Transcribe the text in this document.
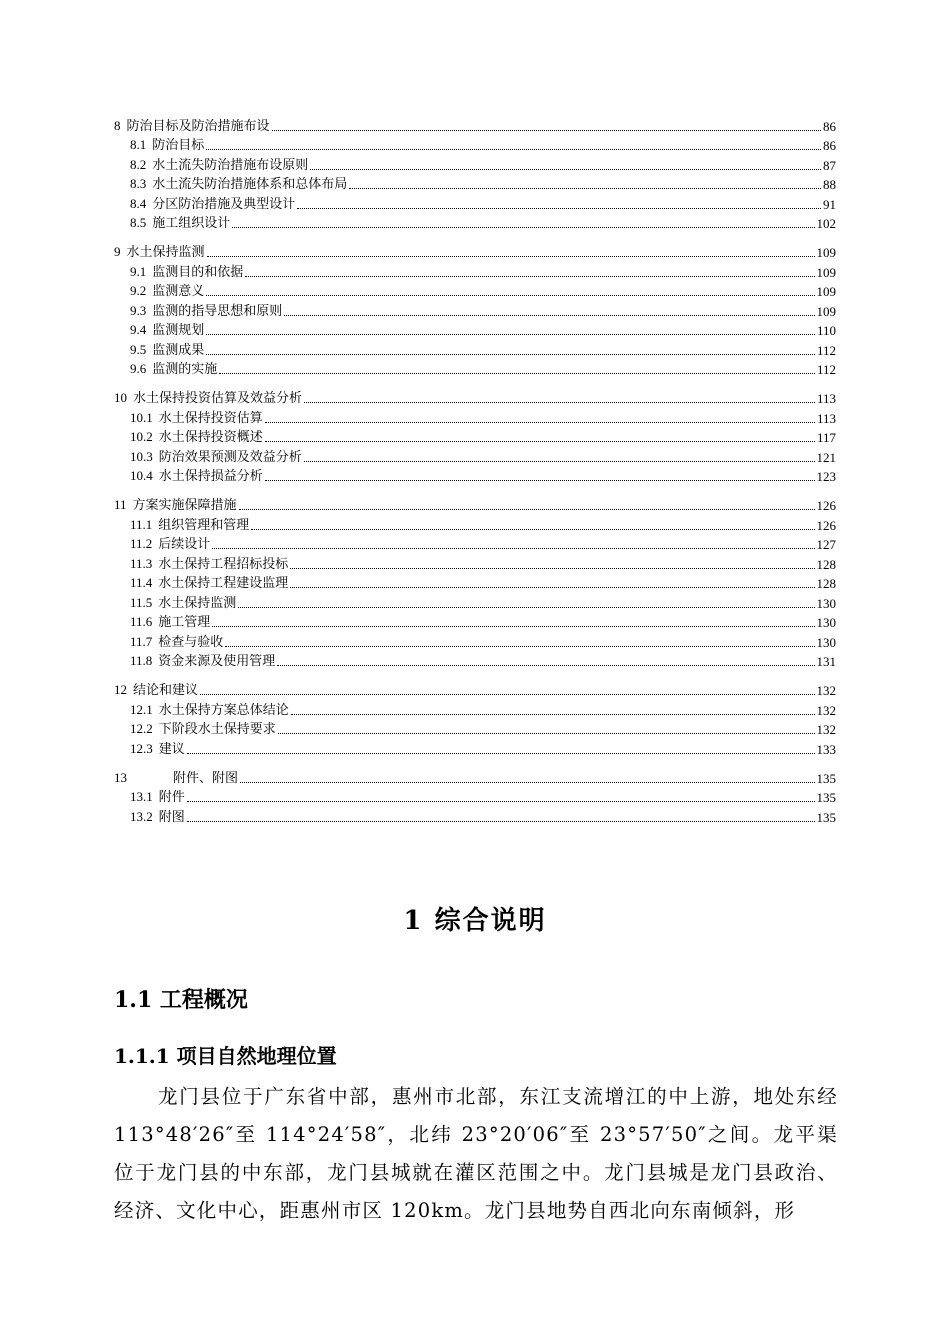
8 防治目标及防治措施布设	86
8.1 防治目标	86
8.2 水土流失防治措施布设原则	87
8.3 水土流失防治措施体系和总体布局	88
8.4 分区防治措施及典型设计	91
8.5 施工组织设计	102
9 水土保持监测	109
9.1 监测目的和依据	109
9.2 监测意义	109
9.3 监测的指导思想和原则	109
9.4 监测规划	110
9.5 监测成果	112
9.6 监测的实施	112
10 水土保持投资估算及效益分析	113
10.1 水土保持投资估算	113
10.2 水土保持投资概述	117
10.3 防治效果预测及效益分析	121
10.4 水土保持损益分析	123
11 方案实施保障措施	126
11.1 组织管理和管理	126
11.2 后续设计	127
11.3 水土保持工程招标投标	128
11.4 水土保持工程建设监理	128
11.5 水土保持监测	130
11.6 施工管理	130
11.7 检查与验收	130
11.8 资金来源及使用管理	131
12 结论和建议	132
12.1 水土保持方案总体结论	132
12.2 下阶段水土保持要求	132
12.3 建议	133
13	附件、附图	135
13.1 附件	135
13.2 附图	135
1 综合说明
1.1 工程概况
1.1.1 项目自然地理位置
龙门县位于广东省中部，惠州市北部，东江支流增江的中上游，地处东经 113°48′26″至 114°24′58″，北纬 23°20′06″至 23°57′50″之间。龙平渠位于龙门县的中东部，龙门县城就在灌区范围之中。龙门县城是龙门县政治、经济、文化中心，距惠州市区 120km。龙门县地势自西北向东南倾斜，形
